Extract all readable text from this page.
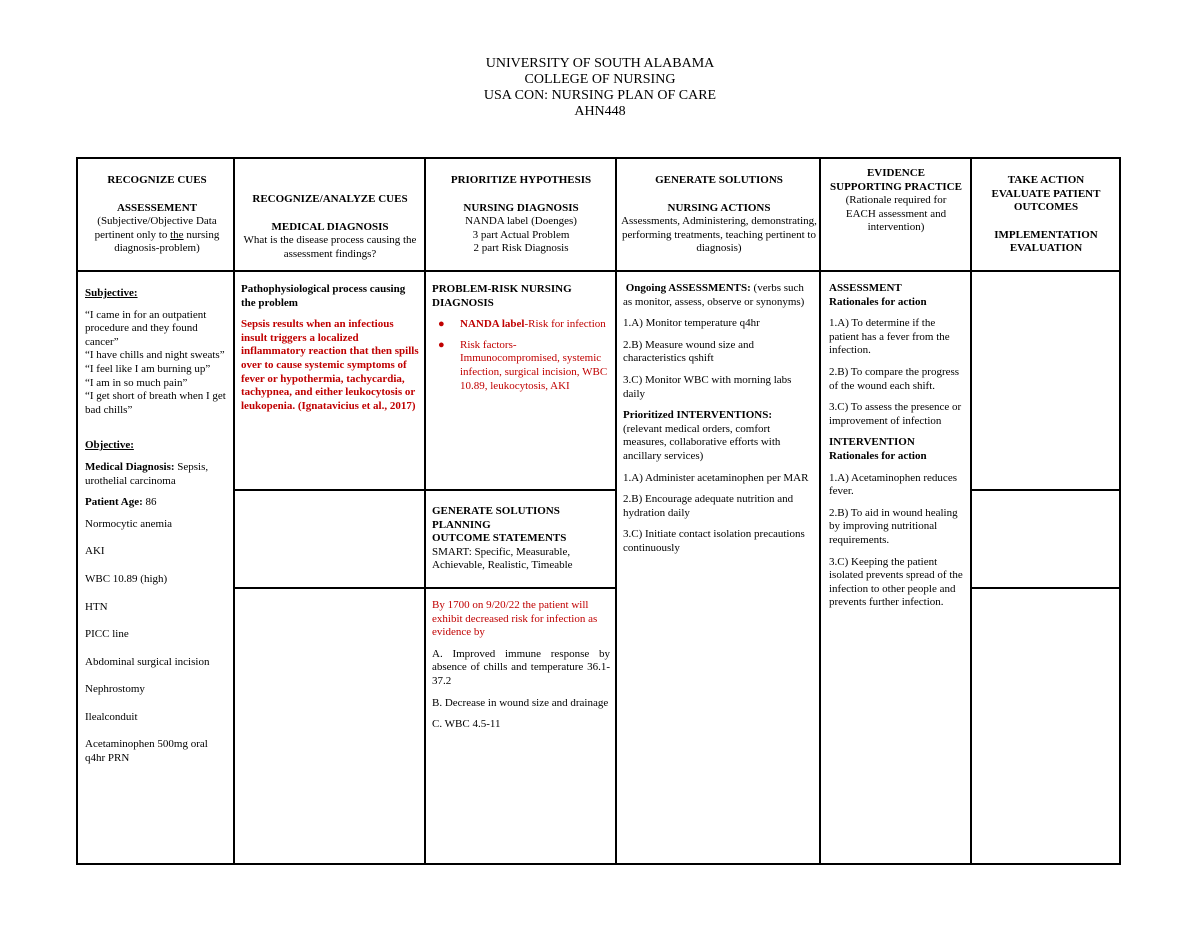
UNIVERSITY OF SOUTH ALABAMA
COLLEGE OF NURSING
USA CON: NURSING PLAN OF CARE
AHN448
RECOGNIZE CUES
ASSESSEMENT
(Subjective/Objective Data pertinent only to the nursing diagnosis-problem)
RECOGNIZE/ANALYZE CUES
MEDICAL DIAGNOSIS
What is the disease process causing the assessment findings?
PRIORITIZE HYPOTHESIS
NURSING DIAGNOSIS
NANDA label (Doenges)
3 part Actual Problem
2 part Risk Diagnosis
GENERATE SOLUTIONS
NURSING ACTIONS
Assessments, Administering, demonstrating, performing treatments, teaching pertinent to diagnosis)
EVIDENCE SUPPORTING PRACTICE (Rationale required for EACH assessment and intervention)
TAKE ACTION
EVALUATE PATIENT OUTCOMES
IMPLEMENTATION
EVALUATION

Subjective:

“I came in for an outpatient procedure and they found cancer”
“I have chills and night sweats”
“I feel like I am burning up”
“I am in so much pain”
“I get short of breath when I get bad chills”

Objective:

Medical Diagnosis: Sepsis, urothelial carcinoma

Patient Age: 86

Normocytic anemia

AKI

WBC 10.89 (high)

HTN

PICC line

Abdominal surgical incision

Nephrostomy

Ilealconduit

Acetaminophen 500mg oral q4hr PRN

Pathophysiological process causing the problem

Sepsis results when an infectious insult triggers a localized inflammatory reaction that then spills over to cause systemic symptoms of fever or hypothermia, tachycardia, tachypnea, and either leukocytosis or leukopenia. (Ignatavicius et al., 2017)

PROBLEM-RISK NURSING DIAGNOSIS

● NANDA label-Risk for infection
● Risk factors- Immunocompromised, systemic infection, surgical incision, WBC 10.89, leukocytosis, AKI
GENERATE SOLUTIONS
PLANNING
OUTCOME STATEMENTS
SMART: Specific, Measurable, Achievable, Realistic, Timeable

By 1700 on 9/20/22 the patient will exhibit decreased risk for infection as evidence by

A. Improved immune response by absence of chills and temperature 36.1-37.2

B. Decrease in wound size and drainage

C. WBC 4.5-11

Ongoing ASSESSMENTS: (verbs such as monitor, assess, observe or synonyms)

1.A) Monitor temperature q4hr

2.B) Measure wound size and characteristics qshift

3.C) Monitor WBC with morning labs daily

Prioritized INTERVENTIONS:

(relevant medical orders, comfort measures, collaborative efforts with ancillary services)

1.A) Administer acetaminophen per MAR

2.B) Encourage adequate nutrition and hydration daily

3.C) Initiate contact isolation precautions continuously

ASSESSMENT

Rationales for action

1.A) To determine if the patient has a fever from the infection.

2.B) To compare the progress of the wound each shift.

3.C) To assess the presence or improvement of infection

INTERVENTION

Rationales for action

1.A) Acetaminophen reduces fever.

2.B) To aid in wound healing by improving nutritional requirements.

3.C) Keeping the patient isolated prevents spread of the infection to other people and prevents further infection.
